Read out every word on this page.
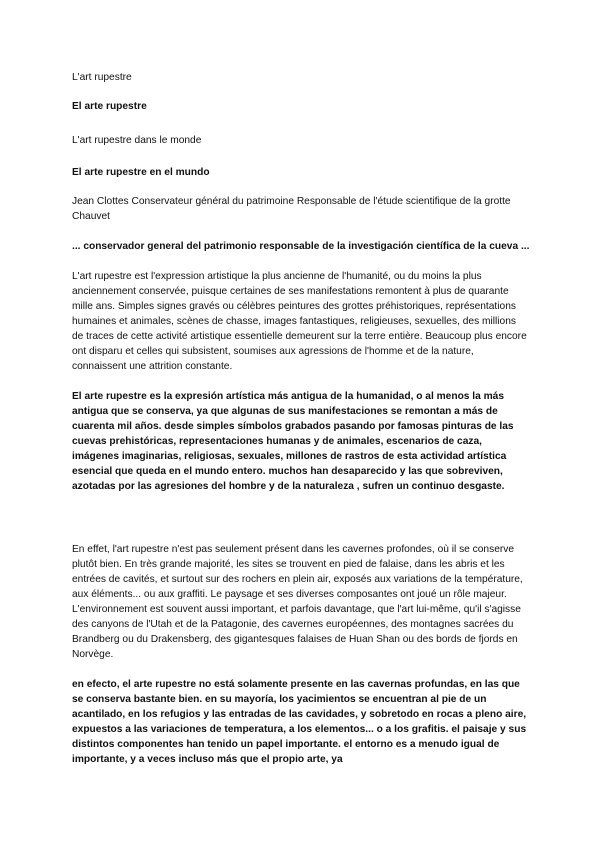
L'art rupestre

El arte rupestre

L'art rupestre dans le monde

El arte rupestre en el mundo

Jean Clottes Conservateur général du patrimoine Responsable de l'étude scientifique de la grotte Chauvet

... conservador general del patrimonio responsable de la investigación científica de la cueva ...

L'art rupestre est l'expression artistique la plus ancienne de l'humanité, ou du moins la plus anciennement conservée, puisque certaines de ses manifestations remontent à plus de quarante mille ans. Simples signes gravés ou célèbres peintures des grottes préhistoriques, représentations humaines et animales, scènes de chasse, images fantastiques, religieuses, sexuelles, des millions de traces de cette activité artistique essentielle demeurent sur la terre entière. Beaucoup plus encore ont disparu et celles qui subsistent, soumises aux agressions de l'homme et de la nature, connaissent une attrition constante.

El arte rupestre es la expresión artística más antigua de la humanidad, o al menos la más antigua que se conserva, ya que algunas de sus manifestaciones se remontan a más de cuarenta mil años. desde simples símbolos grabados pasando por famosas pinturas de las cuevas prehistóricas, representaciones humanas y de animales, escenarios de caza, imágenes imaginarias, religiosas, sexuales, millones de rastros de esta actividad artística esencial que queda en el mundo entero. muchos han desaparecido y las que sobreviven, azotadas por las agresiones del hombre y de la naturaleza , sufren un continuo desgaste.

En effet, l'art rupestre n'est pas seulement présent dans les cavernes profondes, où il se conserve plutôt bien. En très grande majorité, les sites se trouvent en pied de falaise, dans les abris et les entrées de cavités, et surtout sur des rochers en plein air, exposés aux variations de la température, aux éléments... ou aux graffiti. Le paysage et ses diverses composantes ont joué un rôle majeur. L'environnement est souvent aussi important, et parfois davantage, que l'art lui-même, qu'il s'agisse des canyons de l'Utah et de la Patagonie, des cavernes européennes, des montagnes sacrées du Brandberg ou du Drakensberg, des gigantesques falaises de Huan Shan ou des bords de fjords en Norvège.

en efecto, el arte rupestre no está solamente presente en las cavernas profundas, en las que se conserva bastante bien. en su mayoría, los yacimientos se encuentran al pie de un acantilado, en los refugios y las entradas de las cavidades, y sobretodo en rocas a pleno aire, expuestos a las variaciones de temperatura, a los elementos... o a los grafitis. el paisaje y sus distintos componentes han tenido un papel importante. el entorno es a menudo igual de importante, y a veces incluso más que el propio arte, ya
